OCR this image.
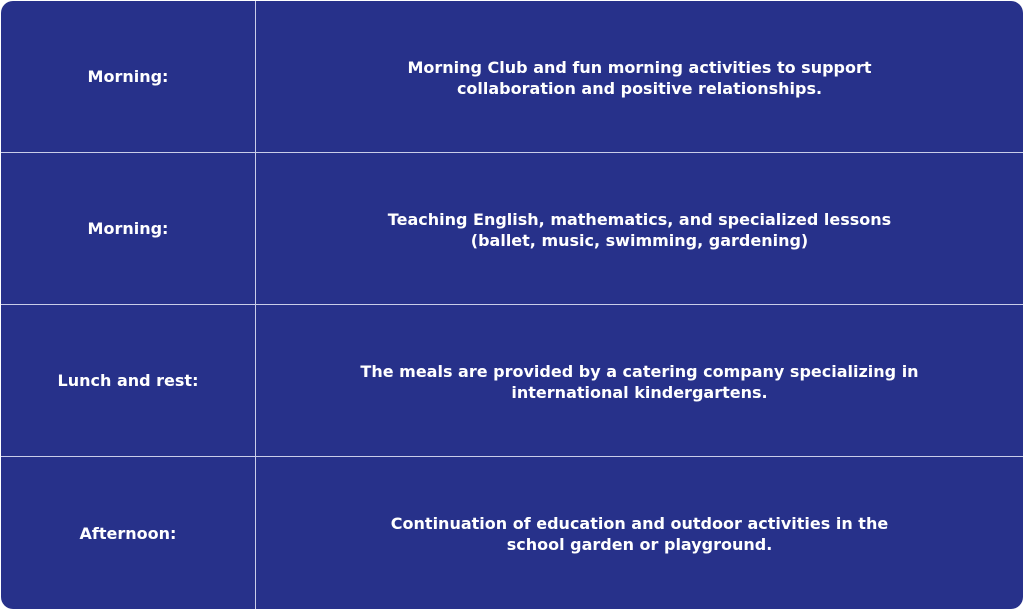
Morning:	Morning Club and fun morning activities to support collaboration and positive relationships.
Morning:	Teaching English, mathematics, and specialized lessons (ballet, music, swimming, gardening)
Lunch and rest:	The meals are provided by a catering company specializing in international kindergartens.
Afternoon:	Continuation of education and outdoor activities in the school garden or playground.
